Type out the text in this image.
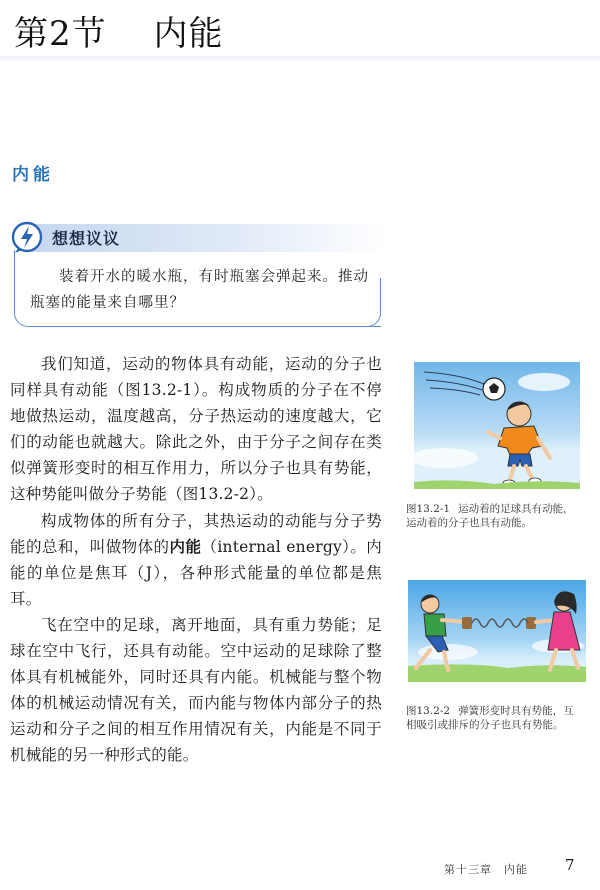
第2节　 内能
内能
想想议议

装着开水的暖水瓶，有时瓶塞会弹起来。推动瓶塞的能量来自哪里？

我们知道，运动的物体具有动能，运动的分子也同样具有动能（图13.2-1）。构成物质的分子在不停地做热运动，温度越高，分子热运动的速度越大，它们的动能也就越大。除此之外，由于分子之间存在类似弹簧形变时的相互作用力，所以分子也具有势能，这种势能叫做分子势能（图13.2-2）。

构成物体的所有分子，其热运动的动能与分子势能的总和，叫做物体的内能（internal energy）。内能的单位是焦耳（J），各种形式能量的单位都是焦耳。

飞在空中的足球，离开地面，具有重力势能；足球在空中飞行，还具有动能。空中运动的足球除了整体具有机械能外，同时还具有内能。机械能与整个物体的机械运动情况有关，而内能与物体内部分子的热运动和分子之间的相互作用情况有关，内能是不同于机械能的另一种形式的能。

图13.2-1 运动着的足球具有动能，运动着的分子也具有动能。

图13.2-2 弹簧形变时具有势能，互相吸引或排斥的分子也具有势能。

第十三章　内能 7
